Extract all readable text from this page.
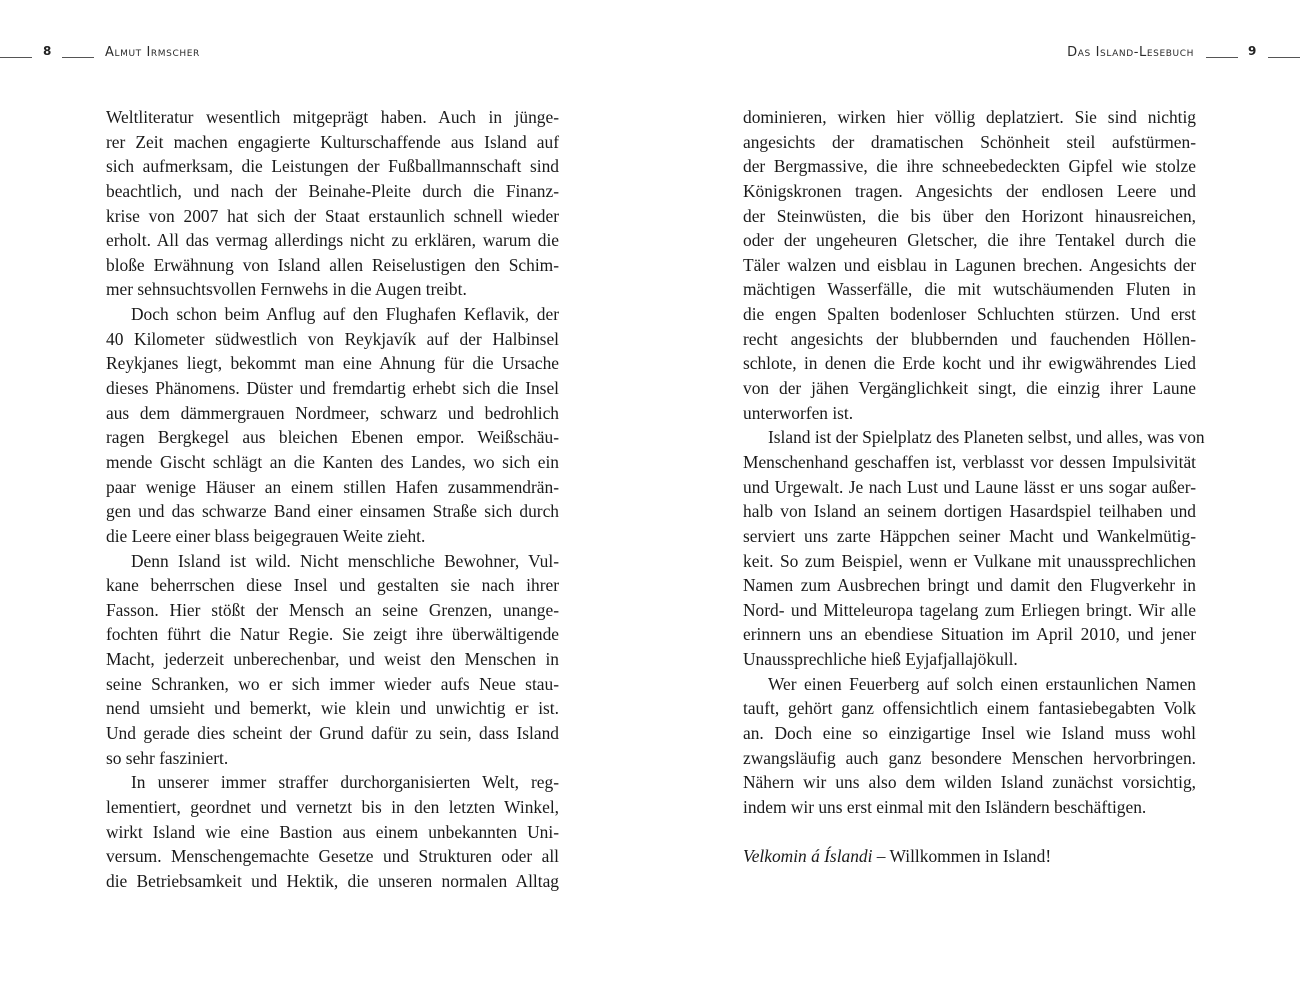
8	Almut Irmscher
Weltliteratur wesentlich mitgeprägt haben. Auch in jünge-
rer Zeit machen engagierte Kulturschaffende aus Island auf
sich aufmerksam, die Leistungen der Fußballmannschaft sind
beachtlich, und nach der Beinahe-Pleite durch die Finanz-
krise von 2007 hat sich der Staat erstaunlich schnell wieder
erholt. All das vermag allerdings nicht zu erklären, warum die
bloße Erwähnung von Island allen Reiselustigen den Schim-
mer sehnsuchtsvollen Fernwehs in die Augen treibt.
Doch schon beim Anflug auf den Flughafen Keflavik, der
40 Kilometer südwestlich von Reykjavík auf der Halbinsel
Reykjanes liegt, bekommt man eine Ahnung für die Ursache
dieses Phänomens. Düster und fremdartig erhebt sich die Insel
aus dem dämmergrauen Nordmeer, schwarz und bedrohlich
ragen Bergkegel aus bleichen Ebenen empor. Weißschäu-
mende Gischt schlägt an die Kanten des Landes, wo sich ein
paar wenige Häuser an einem stillen Hafen zusammendrän-
gen und das schwarze Band einer einsamen Straße sich durch
die Leere einer blass beigegrauen Weite zieht.
Denn Island ist wild. Nicht menschliche Bewohner, Vul-
kane beherrschen diese Insel und gestalten sie nach ihrer
Fasson. Hier stößt der Mensch an seine Grenzen, unange-
fochten führt die Natur Regie. Sie zeigt ihre überwältigende
Macht, jederzeit unberechenbar, und weist den Menschen in
seine Schranken, wo er sich immer wieder aufs Neue stau-
nend umsieht und bemerkt, wie klein und unwichtig er ist.
Und gerade dies scheint der Grund dafür zu sein, dass Island
so sehr fasziniert.
In unserer immer straffer durchorganisierten Welt, reg-
lementiert, geordnet und vernetzt bis in den letzten Winkel,
wirkt Island wie eine Bastion aus einem unbekannten Uni-
versum. Menschengemachte Gesetze und Strukturen oder all
die Betriebsamkeit und Hektik, die unseren normalen Alltag
Das Island-Lesebuch	9
dominieren, wirken hier völlig deplatziert. Sie sind nichtig
angesichts der dramatischen Schönheit steil aufstürmen-
der Bergmassive, die ihre schneebedeckten Gipfel wie stolze
Königskronen tragen. Angesichts der endlosen Leere und
der Steinwüsten, die bis über den Horizont hinausreichen,
oder der ungeheuren Gletscher, die ihre Tentakel durch die
Täler walzen und eisblau in Lagunen brechen. Angesichts der
mächtigen Wasserfälle, die mit wutschäumenden Fluten in
die engen Spalten bodenloser Schluchten stürzen. Und erst
recht angesichts der blubbernden und fauchenden Höllen-
schlote, in denen die Erde kocht und ihr ewigwährendes Lied
von der jähen Vergänglichkeit singt, die einzig ihrer Laune
unterworfen ist.
Island ist der Spielplatz des Planeten selbst, und alles, was von
Menschenhand geschaffen ist, verblasst vor dessen Impulsivität
und Urgewalt. Je nach Lust und Laune lässt er uns sogar außer-
halb von Island an seinem dortigen Hasardspiel teilhaben und
serviert uns zarte Häppchen seiner Macht und Wankelmütig-
keit. So zum Beispiel, wenn er Vulkane mit unaussprechlichen
Namen zum Ausbrechen bringt und damit den Flugverkehr in
Nord- und Mitteleuropa tagelang zum Erliegen bringt. Wir alle
erinnern uns an ebendiese Situation im April 2010, und jener
Unaussprechliche hieß Eyjafjallajökull.
Wer einen Feuerberg auf solch einen erstaunlichen Namen
tauft, gehört ganz offensichtlich einem fantasiebegabten Volk
an. Doch eine so einzigartige Insel wie Island muss wohl
zwangsläufig auch ganz besondere Menschen hervorbringen.
Nähern wir uns also dem wilden Island zunächst vorsichtig,
indem wir uns erst einmal mit den Isländern beschäftigen.
Velkomin á Íslandi – Willkommen in Island!
